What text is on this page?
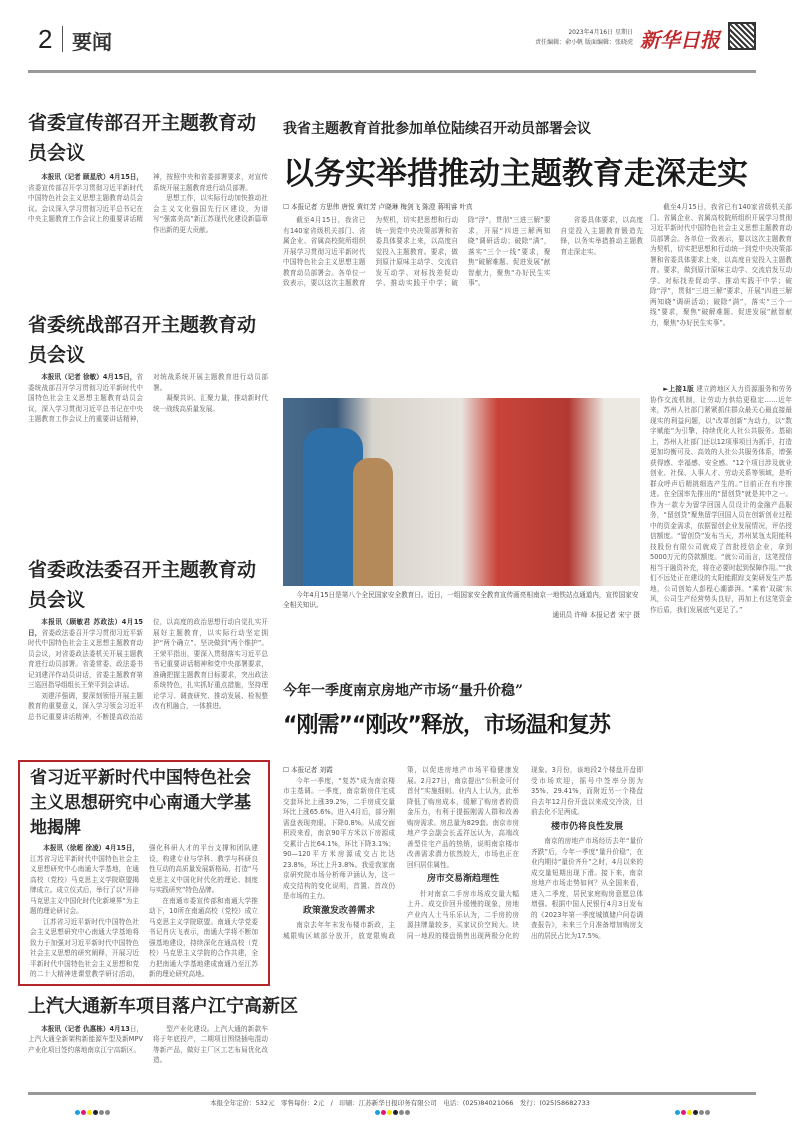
2 要闻	2023年4月16日 星期日
责任编辑：俞小帆 版面编辑：张晓虎 新华日报
省委宣传部召开主题教育动员会议

本报讯（记者 顾星欣）4月15日，省委宣传部召开学习贯彻习近平新时代中国特色社会主义思想主题教育动员会议。会议深入学习贯彻习近平总书记在中央主题教育工作会议上的重要讲话精神，按照中央和省委部署要求，对宣传系统开展主题教育进行动员部署。

思想工作，以实际行动加快推动社会主义文化强国先行区建设，为谱写“强富美高”新江苏现代化建设新篇章作出新的更大贡献。

省委统战部召开主题教育动员会议

本报讯（记者 徐敏）4月15日，省委统战部召开学习贯彻习近平新时代中国特色社会主义思想主题教育动员会议，深入学习贯彻习近平总书记在中央主题教育工作会议上的重要讲话精神，对统战系统开展主题教育进行动员部署。

凝聚共识、汇聚力量，推动新时代统一战线高质量发展。

省委政法委召开主题教育动员会议

本报讯（顾敏君 苏政法）4月15日，省委政法委召开学习贯彻习近平新时代中国特色社会主义思想主题教育动员会议，对省委政法委机关开展主题教育进行动员部署。省委常委、政法委书记刘建洋作动员讲话，省委主题教育第三巡回指导组组长王荣平到会讲话。

刘建洋强调，要深刻领悟开展主题教育的重要意义，深入学习领会习近平总书记重要讲话精神，不断提高政治站位，以高度的政治思想行动自觉扎实开展好主题教育，以实际行动坚定拥护“两个确立”、坚决做到“两个维护”。王荣平指出，要深入贯彻落实习近平总书记重要讲话精神和党中央部署要求，准确把握主题教育目标要求，突出政法系统特色，扎实抓好重点措施，坚持理论学习、调查研究、推动发展、检视整改有机融合，一体推进。

省习近平新时代中国特色社会主义思想研究中心南通大学基地揭牌

本报讯（徐超 徐凌）4月15日，江苏省习近平新时代中国特色社会主义思想研究中心南通大学基地，在通高校（党校）马克思主义学院联盟揭牌成立。成立仪式后，举行了以“开辟马克思主义中国化时代化新境界”为主题的理论研讨会。

江苏省习近平新时代中国特色社会主义思想研究中心南通大学基地将致力于加强对习近平新时代中国特色社会主义思想的研究阐释，开展习近平新时代中国特色社会主义思想和党的二十大精神进课堂教学研讨活动，强化科研人才的平台支撑和团队建设，构建专业与学科、教学与科研良性互动的高质量发展新格局，打造“马克思主义中国化时代化的理论、制度与实践研究”特色品牌。

在南通市委宣传部和南通大学推动下，10所在南通高校（党校）成立马克思主义学院联盟。南通大学党委书记肖庆飞表示，南通大学将不断加强基地建设，持续深化在通高校（党校）马克思主义学院的合作共建，全力把南通大学基地建成南通乃至江苏新的理论研究高地。

上汽大通新车项目落户江宁高新区

本报讯（记者 仇惠栋）4月13日，上汽大通全新架构新能源车型及新MPV产业化项目签约落地南京江宁高新区。

型产业化建设。上汽大通的新款车将于年底投产，二期项目围绕插电混动等新产品，做好主厂区工艺布局优化改造。

我省主题教育首批参加单位陆续召开动员部署会议
以务实举措推动主题教育走深走实
☐ 本报记者 方思伟 唐悦 黄红芳 卢晓琳 梅剑飞 陈澄 蒋明睿 叶真

截至4月15日，我省已有140家省级机关部门、省属企业、省属高校院所组织开展学习贯彻习近平新时代中国特色社会主义思想主题教育动员部署会。各单位一致表示，要以这次主题教育为契机，切实把思想和行动统一到党中央决策部署和省委具体要求上来，以高度自觉投入主题教育。要求，做到原汁原味主动学、交流启发互动学、对标找差促动学、推动实践干中学；破除“浮”，贯彻“三进三解”要求，开展“四进三解两知晓”调研活动；破除“满”，落实“三个一线”要求，聚焦“破解难题、促进发展”献智献力，聚焦“办好民生实事”。

省委具体要求，以高度自觉投入主题教育锻造先锋，以务实举措推动主题教育走深走实。

截至4月15日，我省已有140家省级机关部门、省属企业、省属高校院所组织开展学习贯彻习近平新时代中国特色社会主义思想主题教育动员部署会。各单位一致表示，要以这次主题教育为契机，切实把思想和行动统一到党中央决策部署和省委具体要求上来，以高度自觉投入主题教育。要求，做到原汁原味主动学、交流启发互动学、对标找差促动学、推动实践干中学；破除“浮”，贯彻“三进三解”要求，开展“四进三解两知晓”调研活动；破除“满”，落实“三个一线”要求，聚焦“破解难题、促进发展”献智献力，聚焦“办好民生实事”。

►上接1版 建立跨地区人力资源服务和劳务协作交流机制，让劳动力供给更稳定……近年来，苏州人社部门紧紧抓住群众最关心最直接最现实的利益问题，以“改革创新”为动力，以“数字赋能”为引擎，持续优化人社公共服务。基础上，苏州人社部门还以12项事项目为抓手，打造更加均衡可及、高效的人社公共服务体系，增强获得感、幸福感、安全感。“12个项目涉及就业创业、社保、人事人才、劳动关系等领域，是听群众呼声后精挑细选产生的。”目前正在有序推进。在全国率先推出的“留创贷”就是其中之一。作为一款专为留学回国人员设计的金融产品服务，“留创贷”聚焦留学回国人员在创新创业过程中的资金需求，依据留创企业发展情况，评估授信额度。“留创贷”发布当天，苏州某瓴太阳能科技股份有限公司就成了首批授信企业，拿到5000万元的贷款额度。“就公司而言，这笔授信相当于融资补充，将在必要时起到保障作用。”“我们不远处正在建设的太阳能跟踪支架研发生产基地，公司创始人彭程心潮澎湃。“乘着‘双碳’东风，公司生产经营势头良好，再加上有这笔资金作后盾，我们发展底气更足了。”

今年4月15日是第八个全民国家安全教育日。近日，一组国家安全教育宣传画亮相南京一地铁站点通道内，宣传国家安全相关知识。

通讯员 许峰 本报记者 宋宁 摄

今年一季度南京房地产市场“量升价稳”
“刚需”“刚改”释放，市场温和复苏

☐ 本报记者 刘霞

今年一季度，“复苏”成为南京楼市主基调。一季度，南京新房住宅成交套环比上涨39.2%，二手房成交量环比上涨65.6%。进入4月后，部分刚需盘表现亮眼。下降0.8%。从成交面积段来看，南京90平方米以下房源成交累计占比64.1%，环比下降3.1%；90—120平方米房源成交占比达23.8%，环比上升3.8%。我爱我家南京研究院市场分析师尹涵认为，这一成交结构的变化说明，首置、首改仍是市场的主力。

政策激发改善需求

南京去年年末发布楼市新政，主城限购区域部分放开，放宽限购政策，以促进房地产市场平稳健康发展。2月27日，南京提出“公积金可付首付”实施细则。业内人士认为，此举降低了购房成本，缓解了购房者的资金压力，有利于提振刚需人群和改善购房需求。房总量为829套。南京市房地产学会副会长孟祥远认为，高端改善型住宅产品的热销，说明南京楼市改善需求潜力依然较大，市场也正在回归居住属性。

房市交易渐趋理性

针对南京二手房市场成交量大幅上升、成交价回升缓慢的现象，房地产业内人士马乐乐认为，二手房的房源挂牌量较多，买家议价空间大。块同一地段的楼盘销售出现两极分化的现象。3月份，该地段2个楼盘开盘即受市场欢迎，摇号中签率分别为35%、29.41%，而附近另一个楼盘自去年12月份开盘以来成交冷淡，目前去化不足两成。

楼市仍将良性发展

南京的房地产市场经历去年“量价齐跌”后，今年一季度“量升价稳”，在业内期待“量价齐升”之时，4月以来的成交量短期出现下滑。接下来，南京房地产市场走势如何？从全国来看，进入二季度，居民家庭购房意愿总体增强。根据中国人民银行4月3日发布的《2023年第一季度城镇储户问卷调查报告》，未来三个月准备增加购房支出的居民占比为17.5%。

本报全年定价：532元　零售每份：2元　/　印刷：江苏新华日报印务有限公司　电话：(025)84021066　发行：(025)58682733
